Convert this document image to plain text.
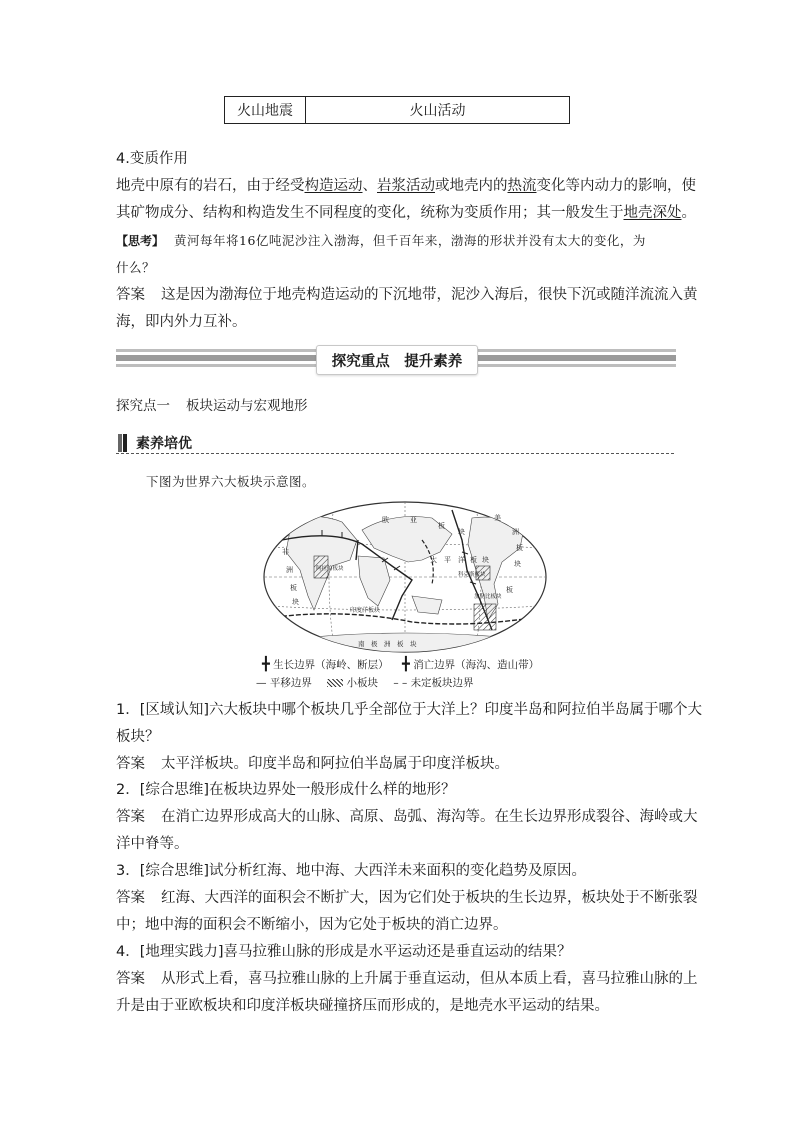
火山地震	火山活动
4.变质作用
地壳中原有的岩石，由于经受构造运动、岩浆活动或地壳内的热流变化等内动力的影响，使
其矿物成分、结构和构造发生不同程度的变化，统称为变质作用；其一般发生于地壳深处。
【思考】 黄河每年将16亿吨泥沙注入渤海，但千百年来，渤海的形状并没有太大的变化，为
什么？
答案 这是因为渤海位于地壳构造运动的下沉地带，泥沙入海后，很快下沉或随洋流流入黄
海，即内外力互补。
探究重点　提升素养
探究点一 板块运动与宏观地形
素养培优
下图为世界六大板块示意图。
欧	亚
板
块
美
洲
板
块
太 平 洋 板 块
非
洲
板
块
阿拉伯板块
科克斯板块
印度洋板块
加勒比板块
板
南　极　洲　板　块
╋ 生长边界（海岭、断层） ╋ 消亡边界（海沟、造山带）
— 平移边界	小板块 – – 未定板块边界
1．[区域认知]六大板块中哪个板块几乎全部位于大洋上？印度半岛和阿拉伯半岛属于哪个大
板块？
答案 太平洋板块。印度半岛和阿拉伯半岛属于印度洋板块。
2．[综合思维]在板块边界处一般形成什么样的地形？
答案 在消亡边界形成高大的山脉、高原、岛弧、海沟等。在生长边界形成裂谷、海岭或大
洋中脊等。
3．[综合思维]试分析红海、地中海、大西洋未来面积的变化趋势及原因。
答案 红海、大西洋的面积会不断扩大，因为它们处于板块的生长边界，板块处于不断张裂
中；地中海的面积会不断缩小，因为它处于板块的消亡边界。
4．[地理实践力]喜马拉雅山脉的形成是水平运动还是垂直运动的结果？
答案 从形式上看，喜马拉雅山脉的上升属于垂直运动，但从本质上看，喜马拉雅山脉的上
升是由于亚欧板块和印度洋板块碰撞挤压而形成的，是地壳水平运动的结果。
